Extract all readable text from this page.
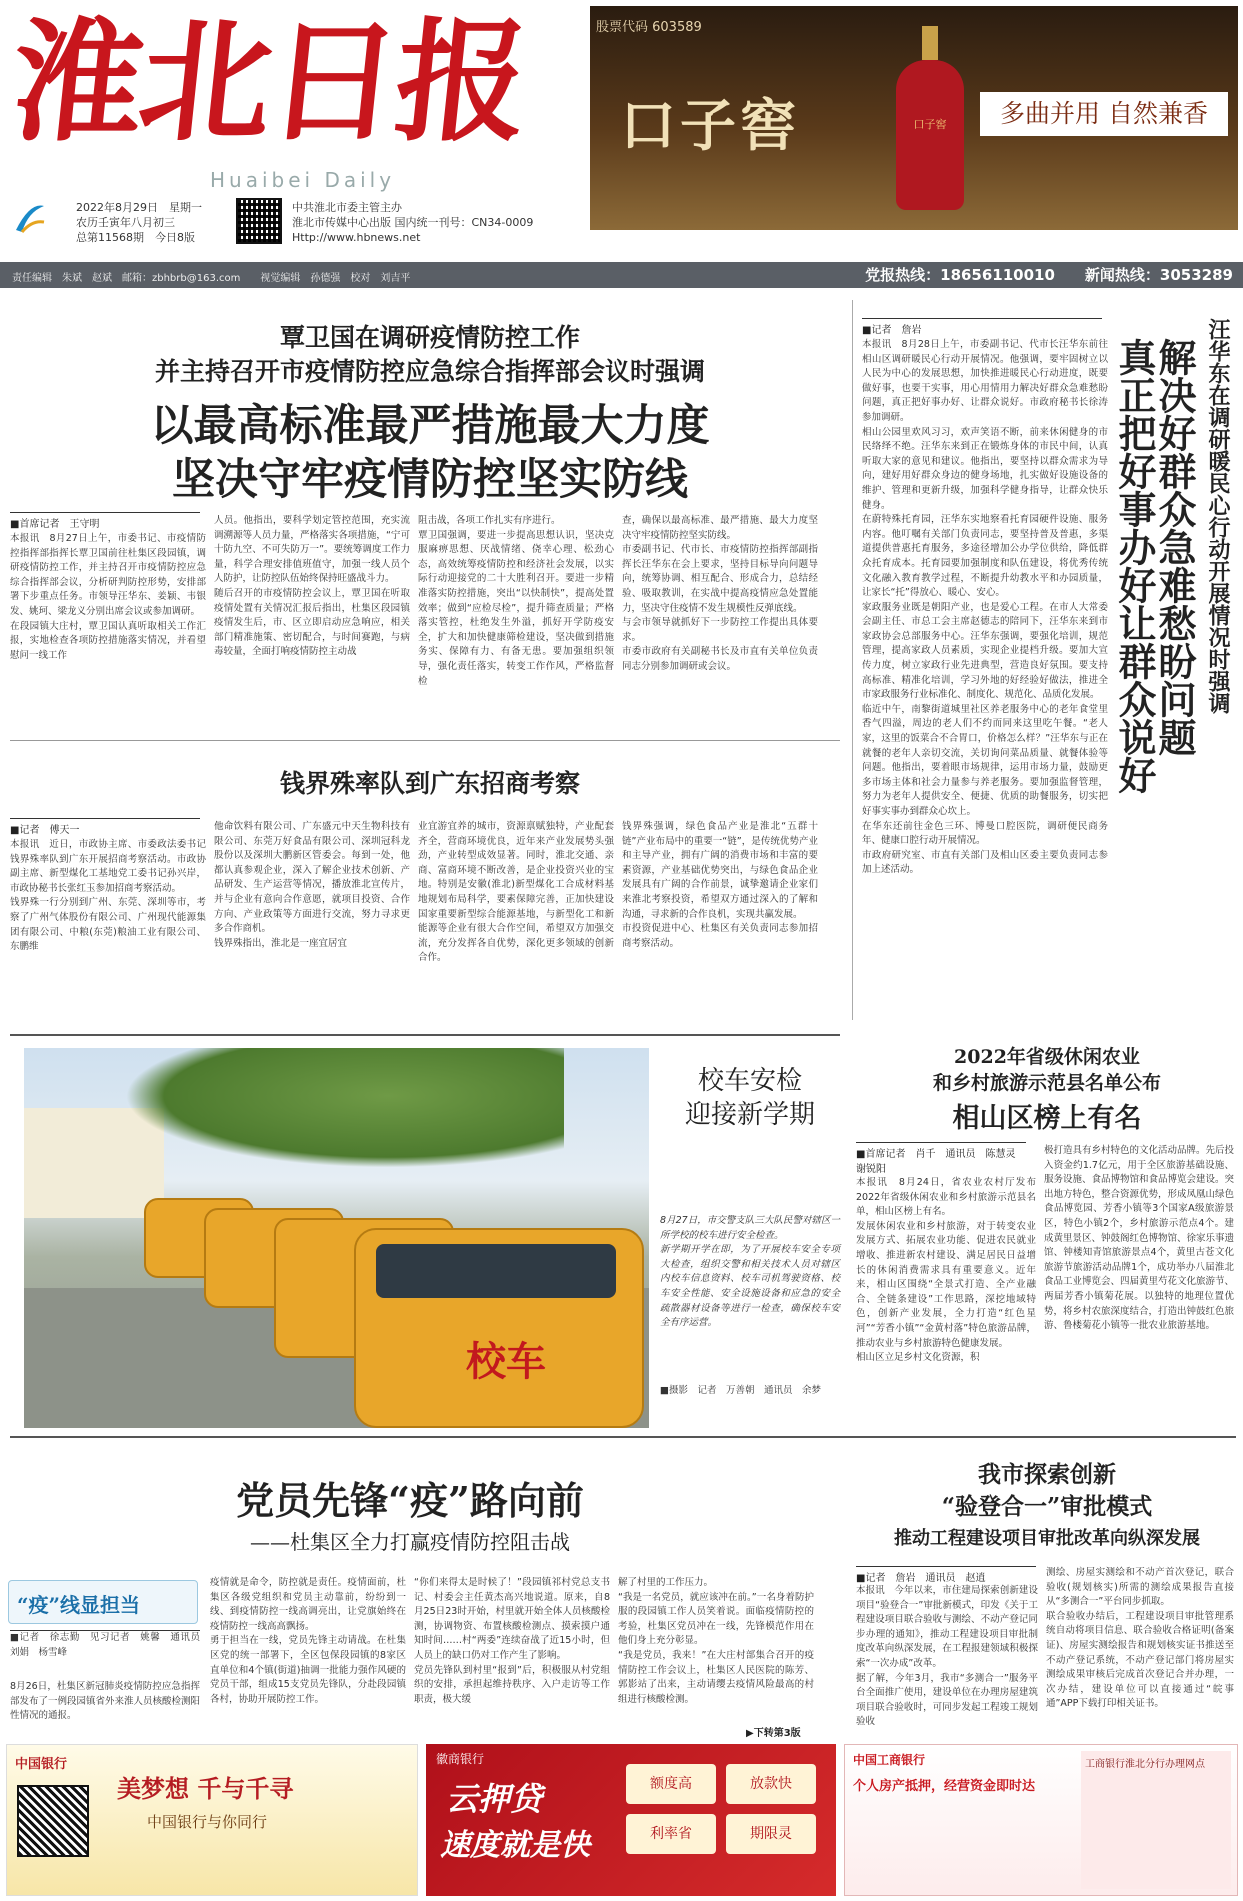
淮北日报
Huaibei Daily
2022年8月29日　星期一
农历壬寅年八月初三
总第11568期　今日8版
中共淮北市委主管主办
淮北市传媒中心出版 国内统一刊号：CN34-0009
Http://www.hbnews.net
股票代码 603589
口子窖	口子窖	多曲并用 自然兼香
责任编辑　朱斌　赵斌　邮箱：zbhbrb@163.com　　视觉编辑　孙德强　校对　刘吉平	党报热线：18656110010　　新闻热线：3053289
覃卫国在调研疫情防控工作
并主持召开市疫情防控应急综合指挥部会议时强调
以最高标准最严措施最大力度
坚决守牢疫情防控坚实防线
■首席记者　王守明
本报讯　8月27日上午，市委书记、市疫情防控指挥部指挥长覃卫国前往杜集区段园镇，调研疫情防控工作，并主持召开市疫情防控应急综合指挥部会议，分析研判防控形势，安排部署下步重点任务。市领导汪华东、姜颖、韦银发、姚珂、梁龙义分别出席会议或参加调研。
在段园镇大庄村，覃卫国认真听取相关工作汇报，实地检查各项防控措施落实情况，并看望慰问一线工作
人员。他指出，要科学划定管控范围，充实流调溯源等人员力量，严格落实各项措施，“宁可十防九空、不可失防万一”。要统筹调度工作力量，科学合理安排值班值守，加强一线人员个人防护，让防控队伍始终保持旺盛战斗力。
随后召开的市疫情防控会议上，覃卫国在听取疫情处置有关情况汇报后指出，杜集区段园镇疫情发生后，市、区立即启动应急响应，相关部门精准施策、密切配合，与时间赛跑，与病毒较量，全面打响疫情防控主动战
阻击战，各项工作扎实有序进行。
覃卫国强调，要进一步提高思想认识，坚决克服麻痹思想、厌战情绪、侥幸心理、松劲心态，高效统筹疫情防控和经济社会发展，以实际行动迎接党的二十大胜利召开。要进一步精准落实防控措施，突出“以快制快”，提高处置效率；做到“应检尽检”，提升筛查质量；严格落实管控，杜绝发生外溢，抓好开学防疫安全，扩大和加快健康筛检建设，坚决做到措施务实、保障有力、有备无患。要加强组织领导，强化责任落实，转变工作作风，严格监督检
查，确保以最高标准、最严措施、最大力度坚决守牢疫情防控坚实防线。
市委副书记、代市长、市疫情防控指挥部副指挥长汪华东在会上要求，坚持目标导向问题导向，统筹协调、相互配合、形成合力，总结经验、吸取教训，在实战中提高疫情应急处置能力，坚决守住疫情不发生规模性反弹底线。
与会市领导就抓好下一步防控工作提出具体要求。
市委市政府有关副秘书长及市直有关单位负责同志分别参加调研或会议。
钱界殊率队到广东招商考察
■记者　傅天一
本报讯　近日，市政协主席、市委政法委书记钱界殊率队到广东开展招商考察活动。市政协副主席、新型煤化工基地党工委书记孙兴岸，市政协秘书长张红玉参加招商考察活动。
钱界殊一行分别到广州、东莞、深圳等市，考察了广州气体股份有限公司、广州现代能源集团有限公司、中粮(东莞)粮油工业有限公司、东鹏维
他命饮料有限公司、广东盛元中天生物科技有限公司、东莞万好食品有限公司、深圳冠科龙股份以及深圳大鹏新区管委会。每到一处，他都认真参观企业，深入了解企业技术创新、产品研发、生产运营等情况，播放淮北宣传片，并与企业有意向合作意愿，就项目投资、合作方向、产业政策等方面进行交流，努力寻求更多合作商机。
钱界殊指出，淮北是一座宜居宜
业宜游宜养的城市，资源禀赋独特，产业配套齐全，营商环境优良，近年来产业发展势头强劲，产业转型成效显著。同时，淮北交通、亲商、富商环境不断改善，是企业投资兴业的宝地。特别是安徽(淮北)新型煤化工合成材料基地规划布局科学，要素保障完善，正加快建设国家重要新型综合能源基地，与新型化工和新能源等企业有很大合作空间，希望双方加强交流，充分发挥各自优势，深化更多领域的创新合作。
钱界殊强调，绿色食品产业是淮北“五群十链”产业布局中的重要一“链”，是传统优势产业和主导产业，拥有广阔的消费市场和丰富的要素资源，产业基础优势突出，与绿色食品企业发展具有广阔的合作前景，诚挚邀请企业家们来淮北考察投资，希望双方通过深入的了解和沟通，寻求新的合作良机，实现共赢发展。
市投资促进中心、杜集区有关负责同志参加招商考察活动。
■记者　詹岩
本报讯　8月28日上午，市委副书记、代市长汪华东前往相山区调研暖民心行动开展情况。他强调，要牢固树立以人民为中心的发展思想，加快推进暖民心行动进度，既要做好事，也要干实事，用心用情用力解决好群众急难愁盼问题，真正把好事办好、让群众说好。市政府秘书长徐涛参加调研。
相山公园里欢风习习，欢声笑语不断，前来休闲健身的市民络绎不绝。汪华东来到正在锻炼身体的市民中间，认真听取大家的意见和建议。他指出，要坚持以群众需求为导向，建好用好群众身边的健身场地，扎实做好设施设备的维护、管理和更新升级，加强科学健身指导，让群众快乐健身。
在蔚特殊托育园，汪华东实地察看托育园硬件设施、服务内容。他叮嘱有关部门负责同志，要坚持普及普惠，多渠道提供普惠托育服务，多途径增加公办学位供给，降低群众托育成本。托育园要加强制度和队伍建设，将优秀传统文化融入教育教学过程，不断提升幼教水平和办园质量，让家长“托”得放心、暖心、安心。
家政服务业既是朝阳产业，也是爱心工程。在市人大常委会副主任、市总工会主席赵德志的陪同下，汪华东来到市家政协会总部服务中心。汪华东强调，要强化培训，规范管理，提高家政人员素质，实现企业提档升级。要加大宣传力度，树立家政行业先进典型，营造良好氛围。要支持高标准、精准化培训，学习外地的好经验好做法，推进全市家政服务行业标准化、制度化、规范化、品质化发展。
临近中午，南黎街道城里社区养老服务中心的老年食堂里香气四溢，周边的老人们不约而同来这里吃午餐。“老人家，这里的饭菜合不合胃口，价格怎么样？”汪华东与正在就餐的老年人亲切交流，关切询问菜品质量、就餐体验等问题。他指出，要着眼市场规律，运用市场力量，鼓励更多市场主体和社会力量参与养老服务。要加强监督管理，努力为老年人提供安全、便捷、优质的助餐服务，切实把好事实事办到群众心坎上。
在华东还前往金色三环、博曼口腔医院，调研便民商务年、健康口腔行动开展情况。
市政府研究室、市直有关部门及相山区委主要负责同志参加上述活动。
汪华东在调研暖民心行动开展情况时强调
解决好群众急难愁盼问题
真正把好事办好让群众说好
校车
校车安检
迎接新学期
8月27日，市交警支队三大队民警对辖区一所学校的校车进行安全检查。
新学期开学在即，为了开展校车安全专项大检查，组织交警和相关技术人员对辖区内校车信息资料、校车司机驾驶资格、校车安全性能、安全设施设备和应急的安全疏散器材设备等进行一检查，确保校车安全有序运营。
■摄影　记者　万善朝　通讯员　余梦
2022年省级休闲农业
和乡村旅游示范县名单公布
相山区榜上有名
■首席记者　肖千　通讯员　陈慧灵　谢锐阳
本报讯　8月24日，省农业农村厅发布2022年省级休闲农业和乡村旅游示范县名单，相山区榜上有名。
发展休闲农业和乡村旅游，对于转变农业发展方式、拓展农业功能、促进农民就业增收、推进新农村建设、满足居民日益增长的休闲消费需求具有重要意义。近年来，相山区围绕“全景式打造、全产业融合、全链条建设”工作思路，深挖地域特色，创新产业发展，全力打造“红色星河”“芳香小镇”“金黄村落”特色旅游品牌，推动农业与乡村旅游特色健康发展。
相山区立足乡村文化资源，积
极打造具有乡村特色的文化活动品牌。先后投入资金约1.7亿元，用于全区旅游基础设施、服务设施、食品博物馆和食品博览会建设。突出地方特色，整合资源优势，形成凤凰山绿色食品博览园、芳香小镇等3个国家A级旅游景区，特色小镇2个，乡村旅游示范点4个。建成黄里景区、钟鼓阁红色博物馆、徐家乐事遗馆、钟楼知青馆旅游景点4个，黄里古苍文化旅游节旅游活动品牌1个，成功举办八届淮北食品工业博览会、四届黄里芍花文化旅游节、两届芳香小镇菊花展。以独特的地理位置优势，将乡村农旅深度结合，打造出钟鼓红色旅游、鲁楼菊花小镇等一批农业旅游基地。
党员先锋“疫”路向前
——杜集区全力打赢疫情防控阻击战
“疫”线显担当
■记者　徐志勤　见习记者　姚馨　通讯员　刘娟　杨雪峰
8月26日，杜集区新冠肺炎疫情防控应急指挥部发布了一例段园镇省外来淮人员核酸检测阳性情况的通报。
疫情就是命令，防控就是责任。疫情面前，杜集区各级党组织和党员主动靠前，纷纷到一线、到疫情防控一线高调亮出，让党旗始终在疫情防控一线高高飘扬。
勇于担当在一线，党员先锋主动请战。在杜集区党的统一部署下，全区包保段园镇的8家区直单位和4个镇(街道)抽调一批能力强作风硬的党员干部，组成15支党员先锋队，分赴段园镇各村，协助开展防控工作。
“你们来得太是时候了！”段园镇祁村党总支书记、村委会主任黄杰高兴地说道。原来，自8月25日23时开始，村里就开始全体人员核酸检测，协调物资、布置核酸检测点、摸索摸户通知时间……村“两委”连续奋战了近15小时，但人员上的缺口仍对工作产生了影响。
党员先锋队到村里“报到”后，积极服从村党组织的安排，承担起维持秩序、入户走访等工作职责，极大缓
解了村里的工作压力。
“我是一名党员，就应该冲在前。”一名身着防护服的段园镇工作人员笑着说。面临疫情防控的考验，杜集区党员冲在一线，先锋模范作用在他们身上充分彰显。
“我是党员，我来！”在大庄村部集合召开的疫情防控工作会议上，杜集区人民医院的陈芳、郭影站了出来，主动请缨去疫情风险最高的村组进行核酸检测。
▶下转第3版
我市探索创新
“验登合一”审批模式
推动工程建设项目审批改革向纵深发展
■记者　詹岩　通讯员　赵逍
本报讯　今年以来，市住建局探索创新建设项目“验登合一”审批新模式，印发《关于工程建设项目联合验收与测绘、不动产登记同步办理的通知》，推动工程建设项目审批制度改革向纵深发展，在工程报建领域积极探索“一次办成”改革。
据了解，今年3月，我市“多测合一”服务平台全面推广使用，建设单位在办理房屋建筑项目联合验收时，可同步发起工程竣工规划验收
测绘、房屋实测绘和不动产首次登记，联合验收(规划核实)所需的测绘成果报告直接从“多测合一”平台同步抓取。
联合验收办结后，工程建设项目审批管理系统自动将项目信息、联合验收合格证明(备案证)、房屋实测绘报告和规划核实证书推送至不动产登记系统，不动产登记部门将房屋实测绘成果审核后完成首次登记合并办理，一次办结，建设单位可以直接通过“皖事通”APP下载打印相关证书。
中国银行
美梦想 千与千寻
中国银行与你同行
徽商银行
云押贷
速度就是快
额度高	放款快
利率省	期限灵
中国工商银行
个人房产抵押，经营资金即时达
工商银行淮北分行办理网点
